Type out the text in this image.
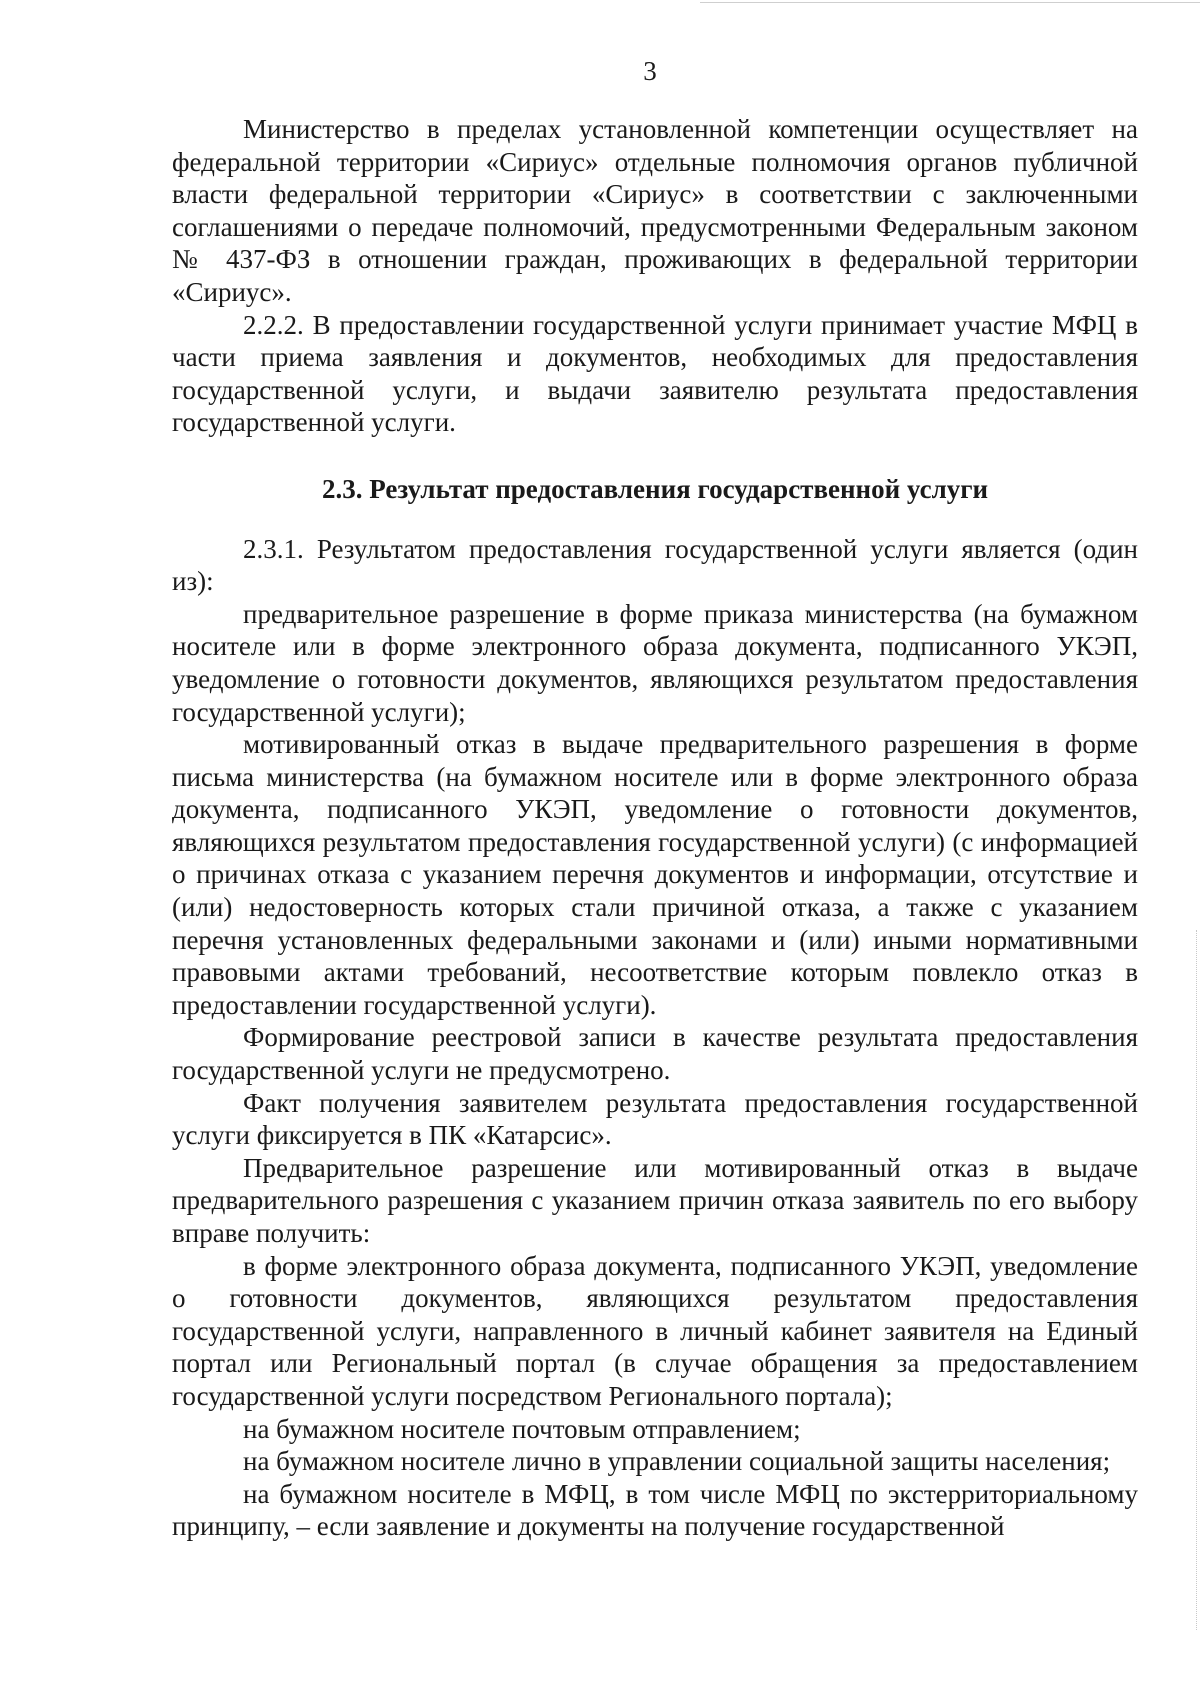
3

Министерство в пределах установленной компетенции осуществляет на федеральной территории «Сириус» отдельные полномочия органов публичной власти федеральной территории «Сириус» в соответствии с заключенными соглашениями о передаче полномочий, предусмотренными Федеральным законом № 437-ФЗ в отношении граждан, проживающих в федеральной территории «Сириус».

2.2.2. В предоставлении государственной услуги принимает участие МФЦ в части приема заявления и документов, необходимых для предоставления государственной услуги, и выдачи заявителю результата предоставления государственной услуги.

2.3. Результат предоставления государственной услуги

2.3.1. Результатом предоставления государственной услуги является (один из):

предварительное разрешение в форме приказа министерства (на бумажном носителе или в форме электронного образа документа, подписанного УКЭП, уведомление о готовности документов, являющихся результатом предоставления государственной услуги);

мотивированный отказ в выдаче предварительного разрешения в форме письма министерства (на бумажном носителе или в форме электронного образа документа, подписанного УКЭП, уведомление о готовности документов, являющихся результатом предоставления государственной услуги) (с информацией о причинах отказа с указанием перечня документов и информации, отсутствие и (или) недостоверность которых стали причиной отказа, а также с указанием перечня установленных федеральными законами и (или) иными нормативными правовыми актами требований, несоответствие которым повлекло отказ в предоставлении государственной услуги).

Формирование реестровой записи в качестве результата предоставления государственной услуги не предусмотрено.

Факт получения заявителем результата предоставления государственной услуги фиксируется в ПК «Катарсис».

Предварительное разрешение или мотивированный отказ в выдаче предварительного разрешения с указанием причин отказа заявитель по его выбору вправе получить:

в форме электронного образа документа, подписанного УКЭП, уведомление о готовности документов, являющихся результатом предоставления государственной услуги, направленного в личный кабинет заявителя на Единый портал или Региональный портал (в случае обращения за предоставлением государственной услуги посредством Регионального портала);

на бумажном носителе почтовым отправлением;

на бумажном носителе лично в управлении социальной защиты населения;

на бумажном носителе в МФЦ, в том числе МФЦ по экстерриториальному принципу, – если заявление и документы на получение государственной
